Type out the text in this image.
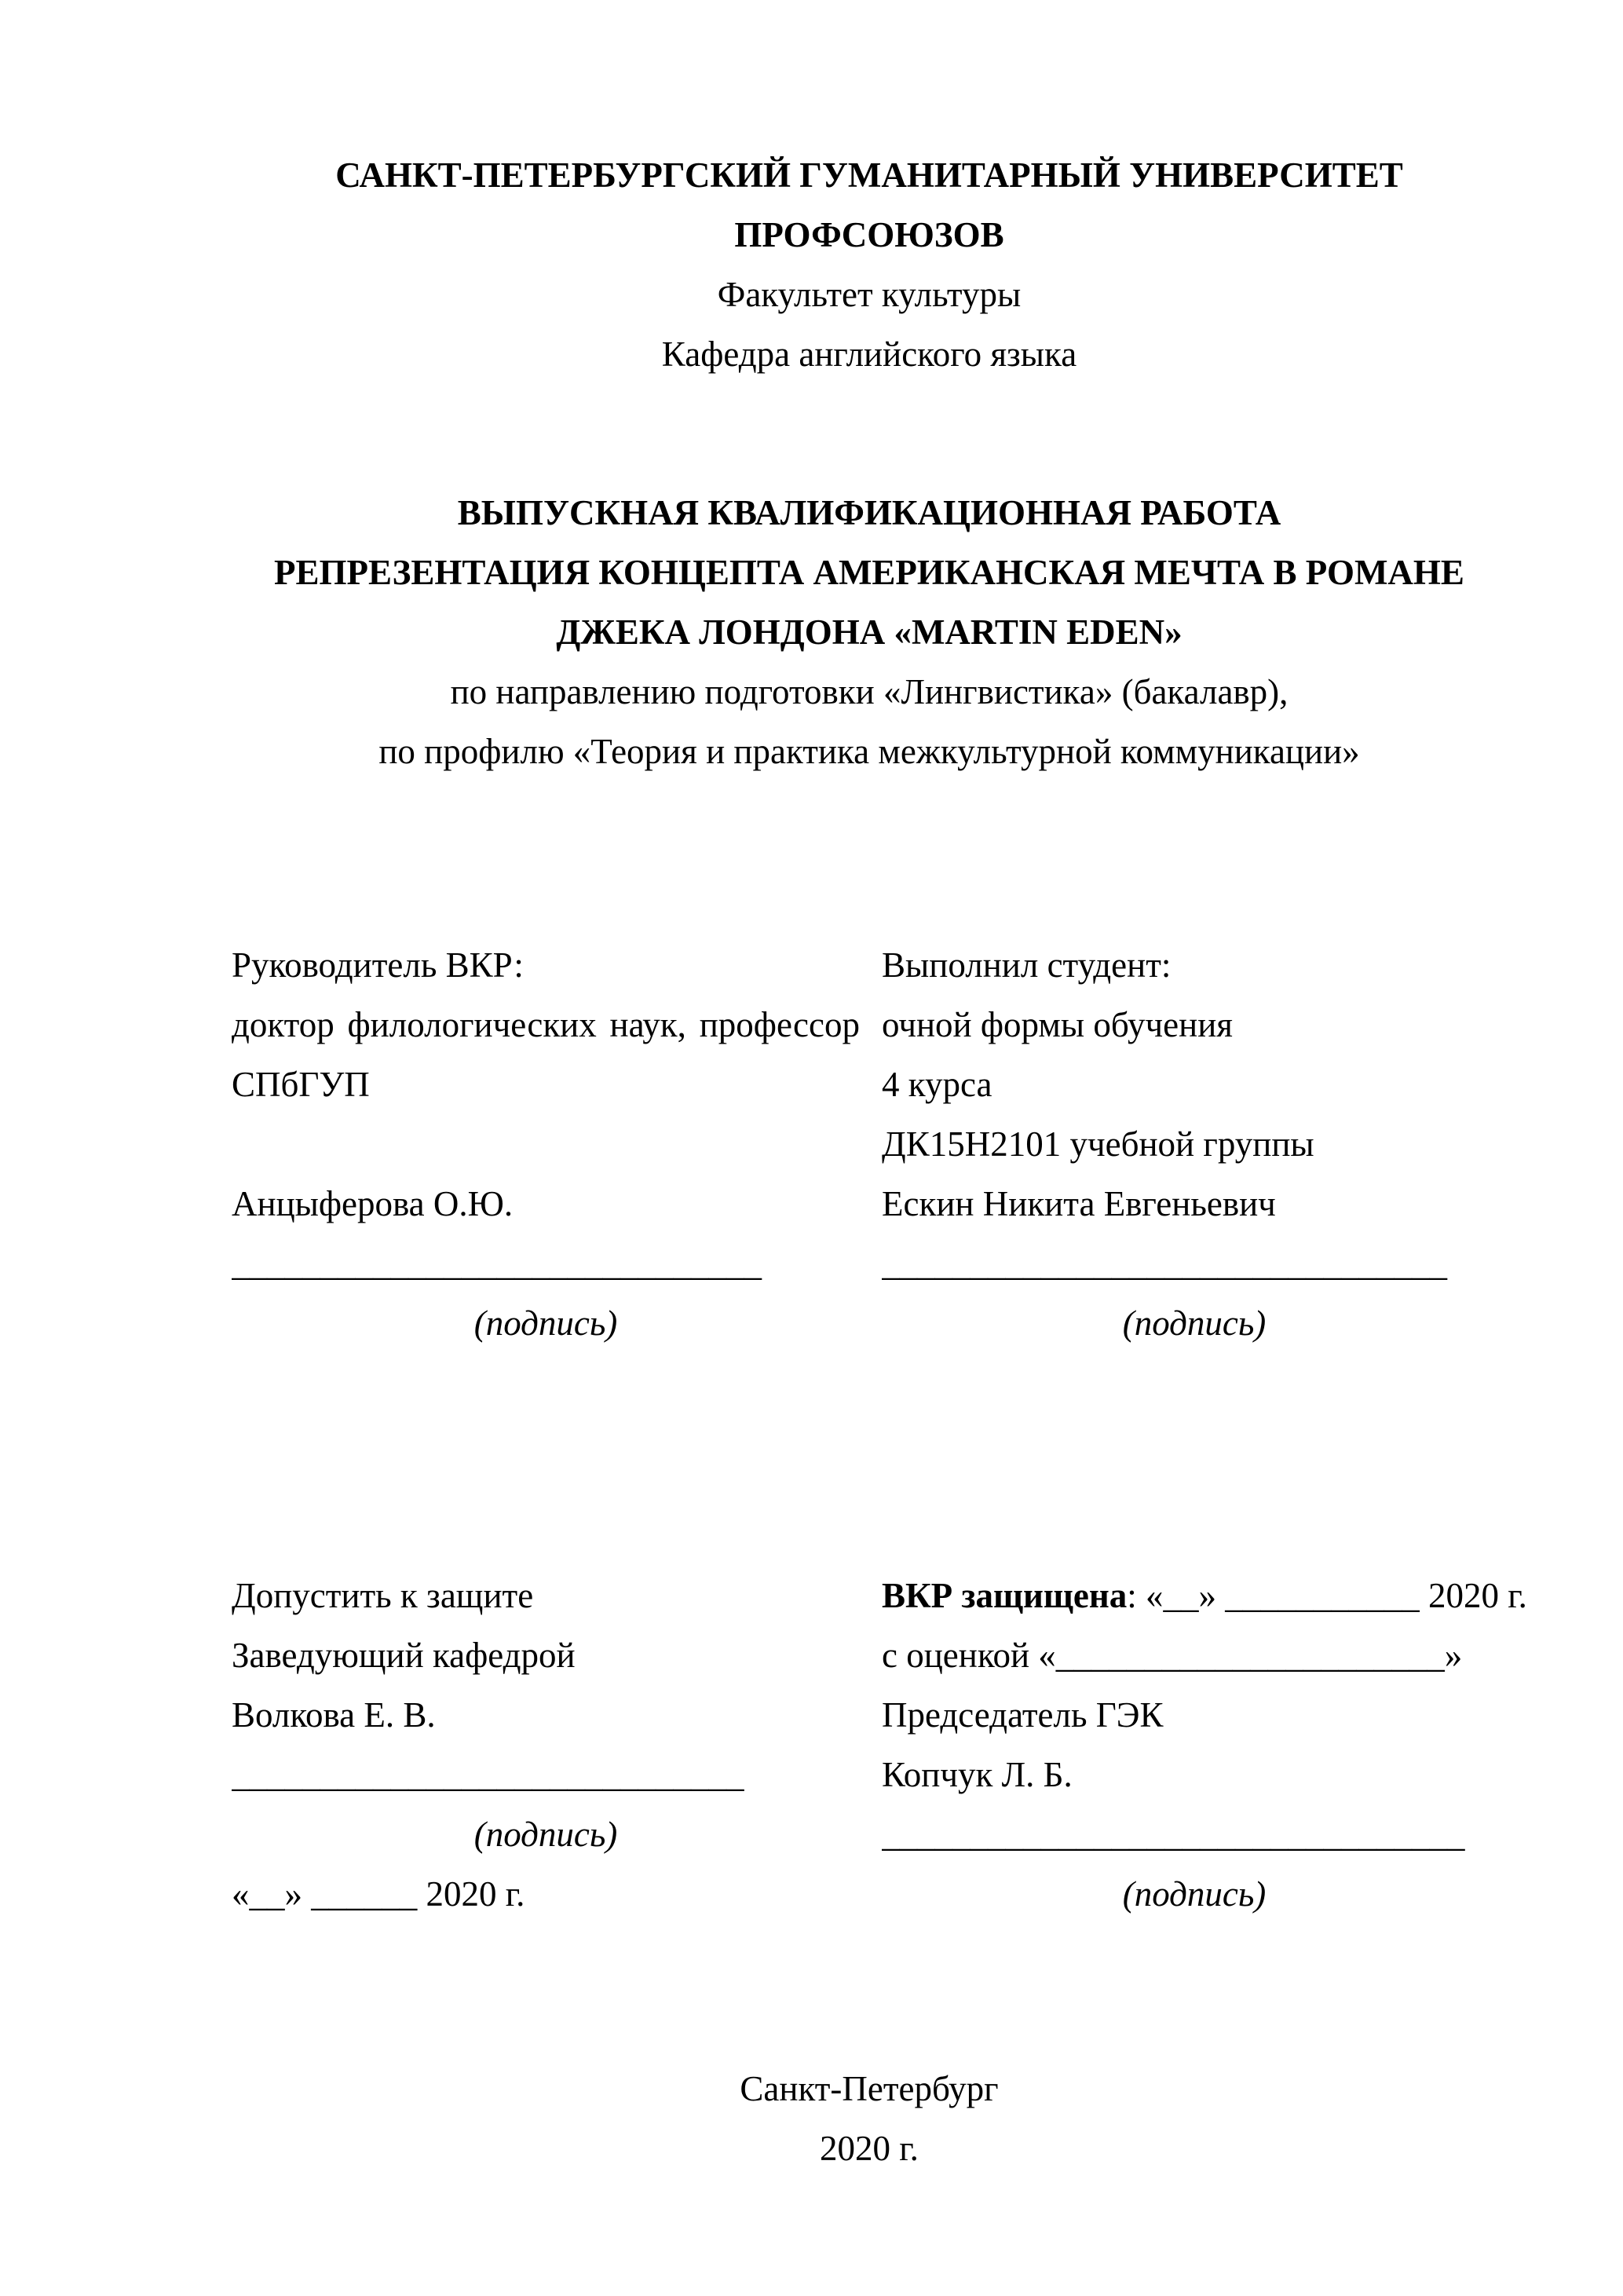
САНКТ-ПЕТЕРБУРГСКИЙ ГУМАНИТАРНЫЙ УНИВЕРСИТЕТ
ПРОФСОЮЗОВ
Факультет культуры
Кафедра английского языка
ВЫПУСКНАЯ КВАЛИФИКАЦИОННАЯ РАБОТА
РЕПРЕЗЕНТАЦИЯ КОНЦЕПТА АМЕРИКАНСКАЯ МЕЧТА В РОМАНЕ
ДЖЕКА ЛОНДОНА «MARTIN EDEN»
по направлению подготовки «Лингвистика» (бакалавр),
по профилю «Теория и практика межкультурной коммуникации»
Руководитель ВКР:
доктор филологических наук, профессор
СПбГУП
Анцыферова О.Ю.
______________________________
(подпись)
Выполнил студент:
очной формы обучения
4 курса
ДК15Н2101 учебной группы
Ескин Никита Евгеньевич
________________________________
(подпись)
Допустить к защите
Заведующий кафедрой
Волкова Е. В.
_____________________________
(подпись)
«__» ______ 2020 г.
ВКР защищена: «__» ___________ 2020 г.
с оценкой «______________________»
Председатель ГЭК
Копчук Л. Б.
_________________________________
(подпись)
Санкт-Петербург
2020 г.
